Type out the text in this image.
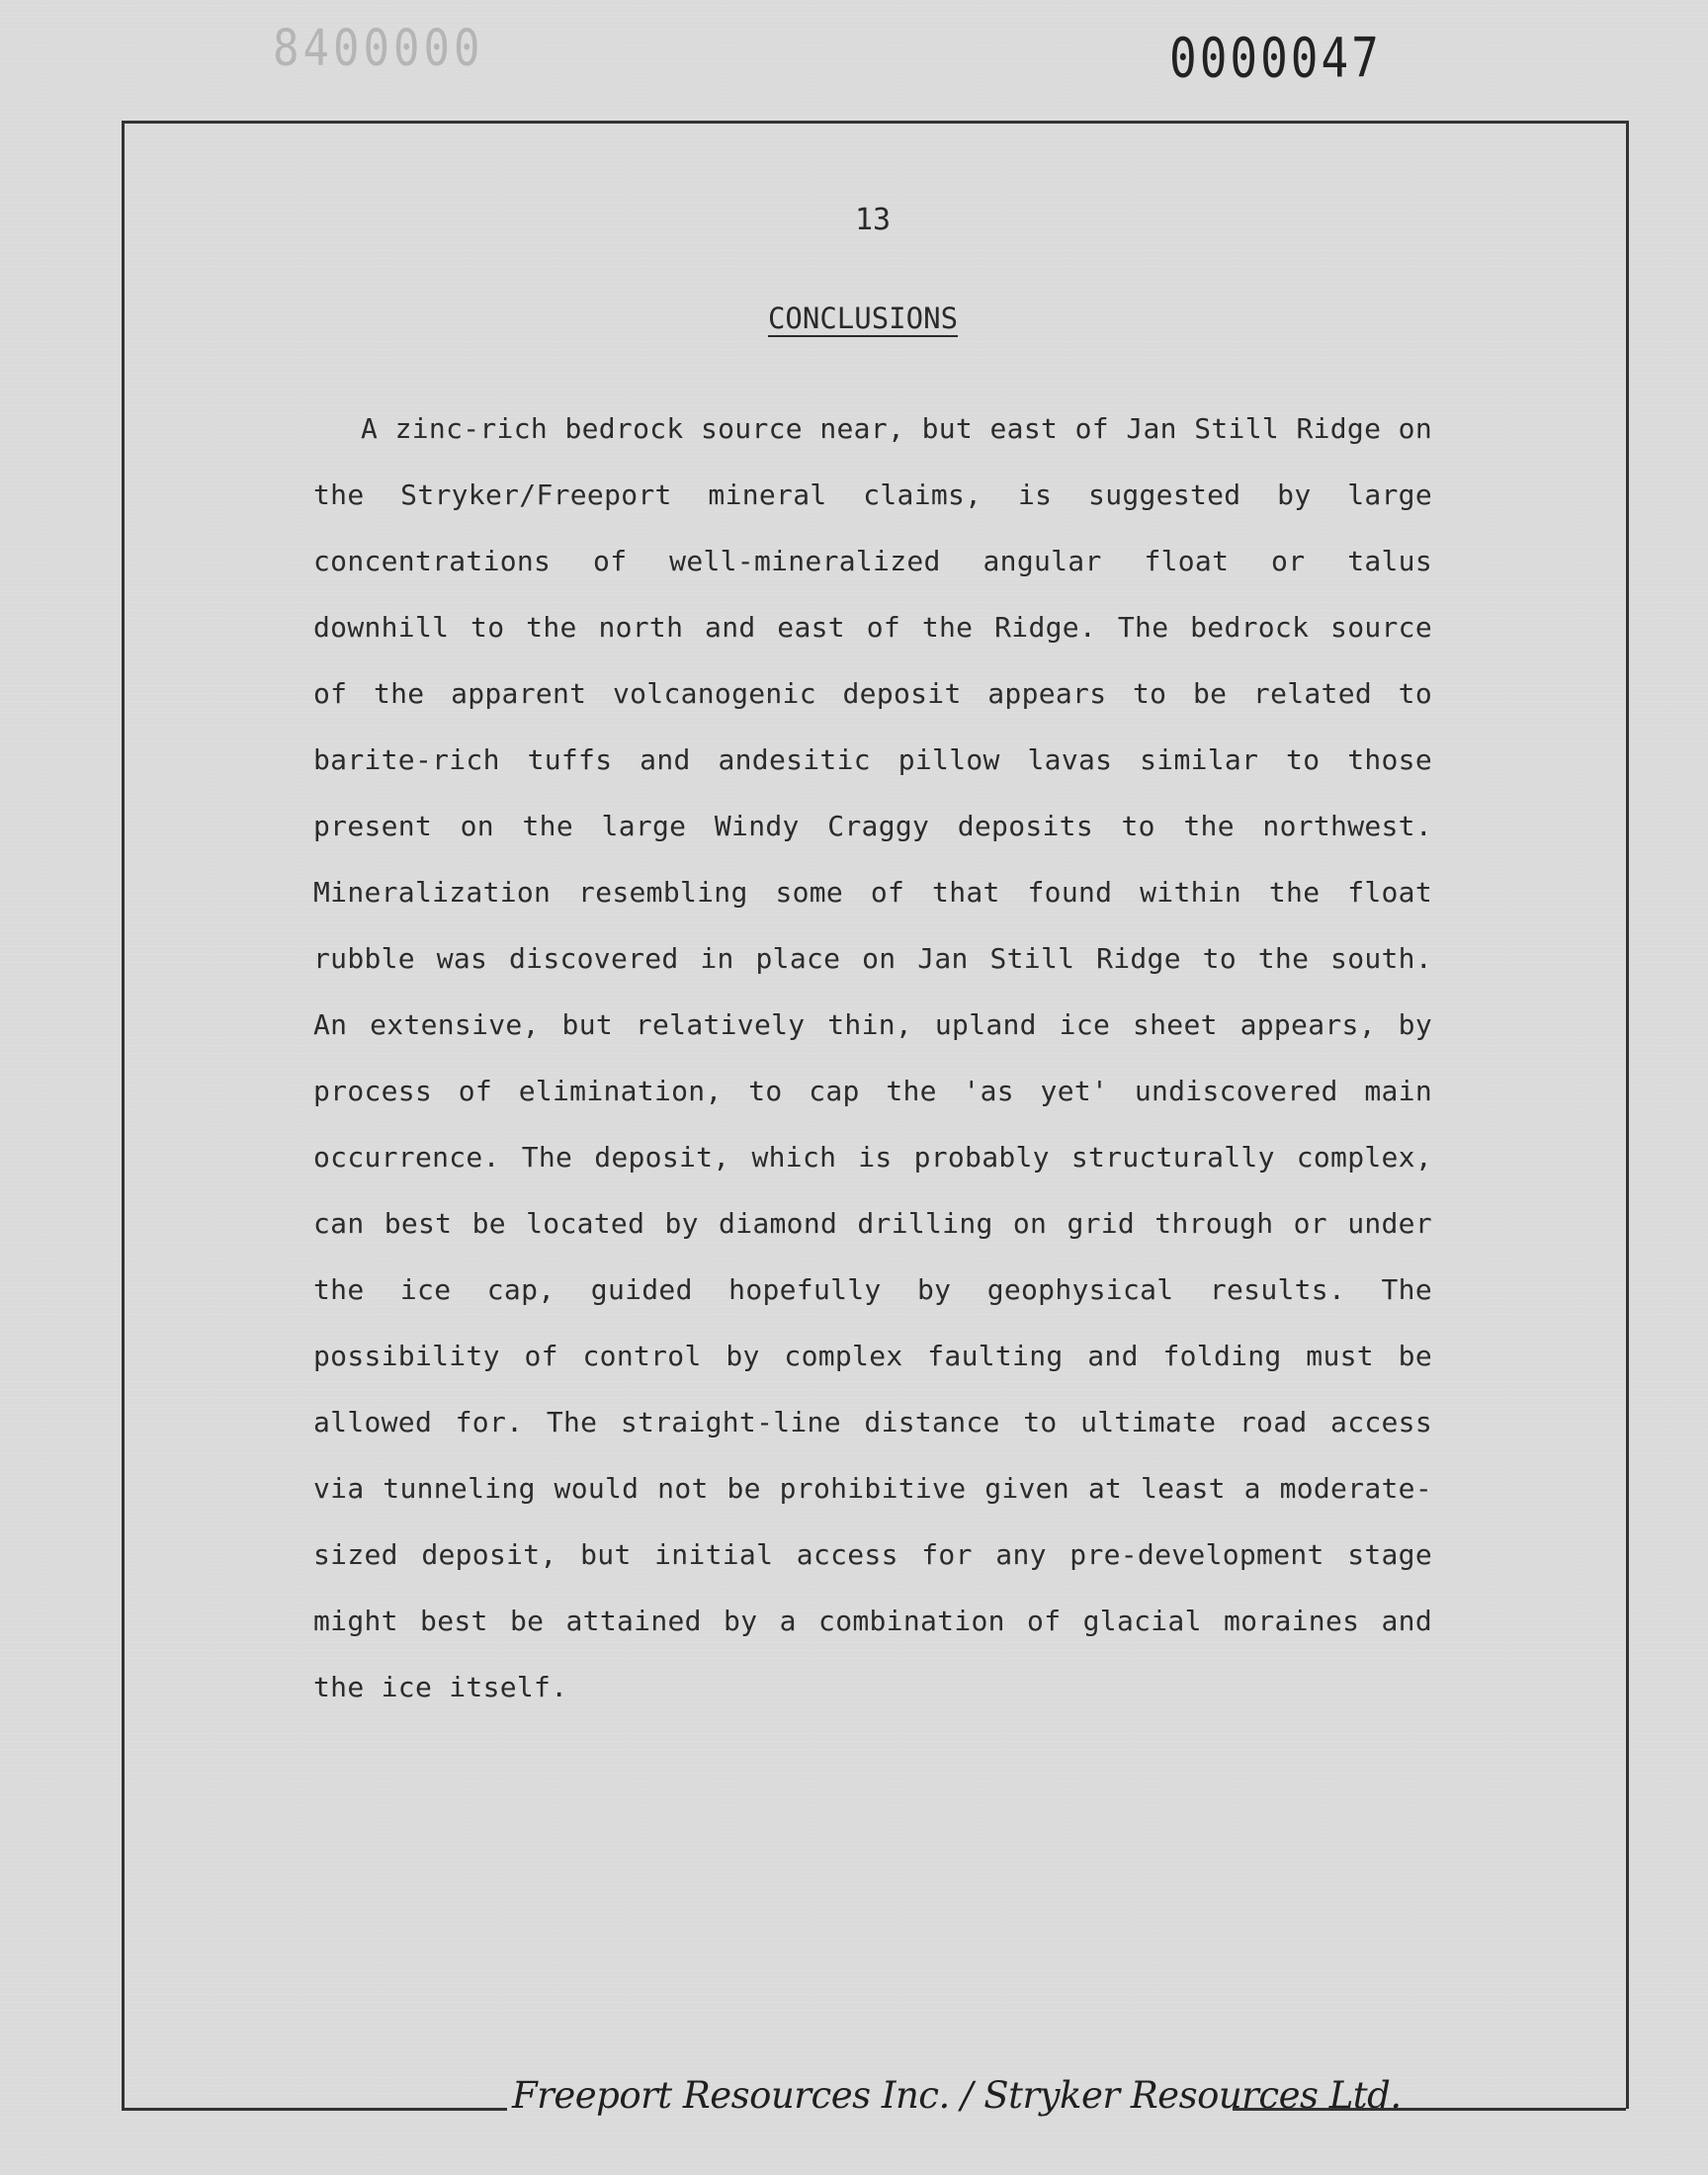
8400000	0000047
13
CONCLUSIONS

A zinc-rich bedrock source near, but east of Jan Still Ridge on the Stryker/Freeport mineral claims, is suggested by large concentrations of well-mineralized angular float or talus downhill to the north and east of the Ridge. The bedrock source of the apparent volcanogenic deposit appears to be related to barite-rich tuffs and andesitic pillow lavas similar to those present on the large Windy Craggy deposits to the northwest. Mineralization resembling some of that found within the float rubble was discovered in place on Jan Still Ridge to the south. An extensive, but relatively thin, upland ice sheet appears, by process of elimination, to cap the 'as yet' undiscovered main occurrence. The deposit, which is probably structurally complex, can best be located by diamond drilling on grid through or under the ice cap, guided hopefully by geophysical results. The possibility of control by complex faulting and folding must be allowed for. The straight-line distance to ultimate road access via tunneling would not be prohibitive given at least a moderate-sized deposit, but initial access for any pre-development stage might best be attained by a combination of glacial moraines and the ice itself.

Freeport Resources Inc. / Stryker Resources Ltd.
